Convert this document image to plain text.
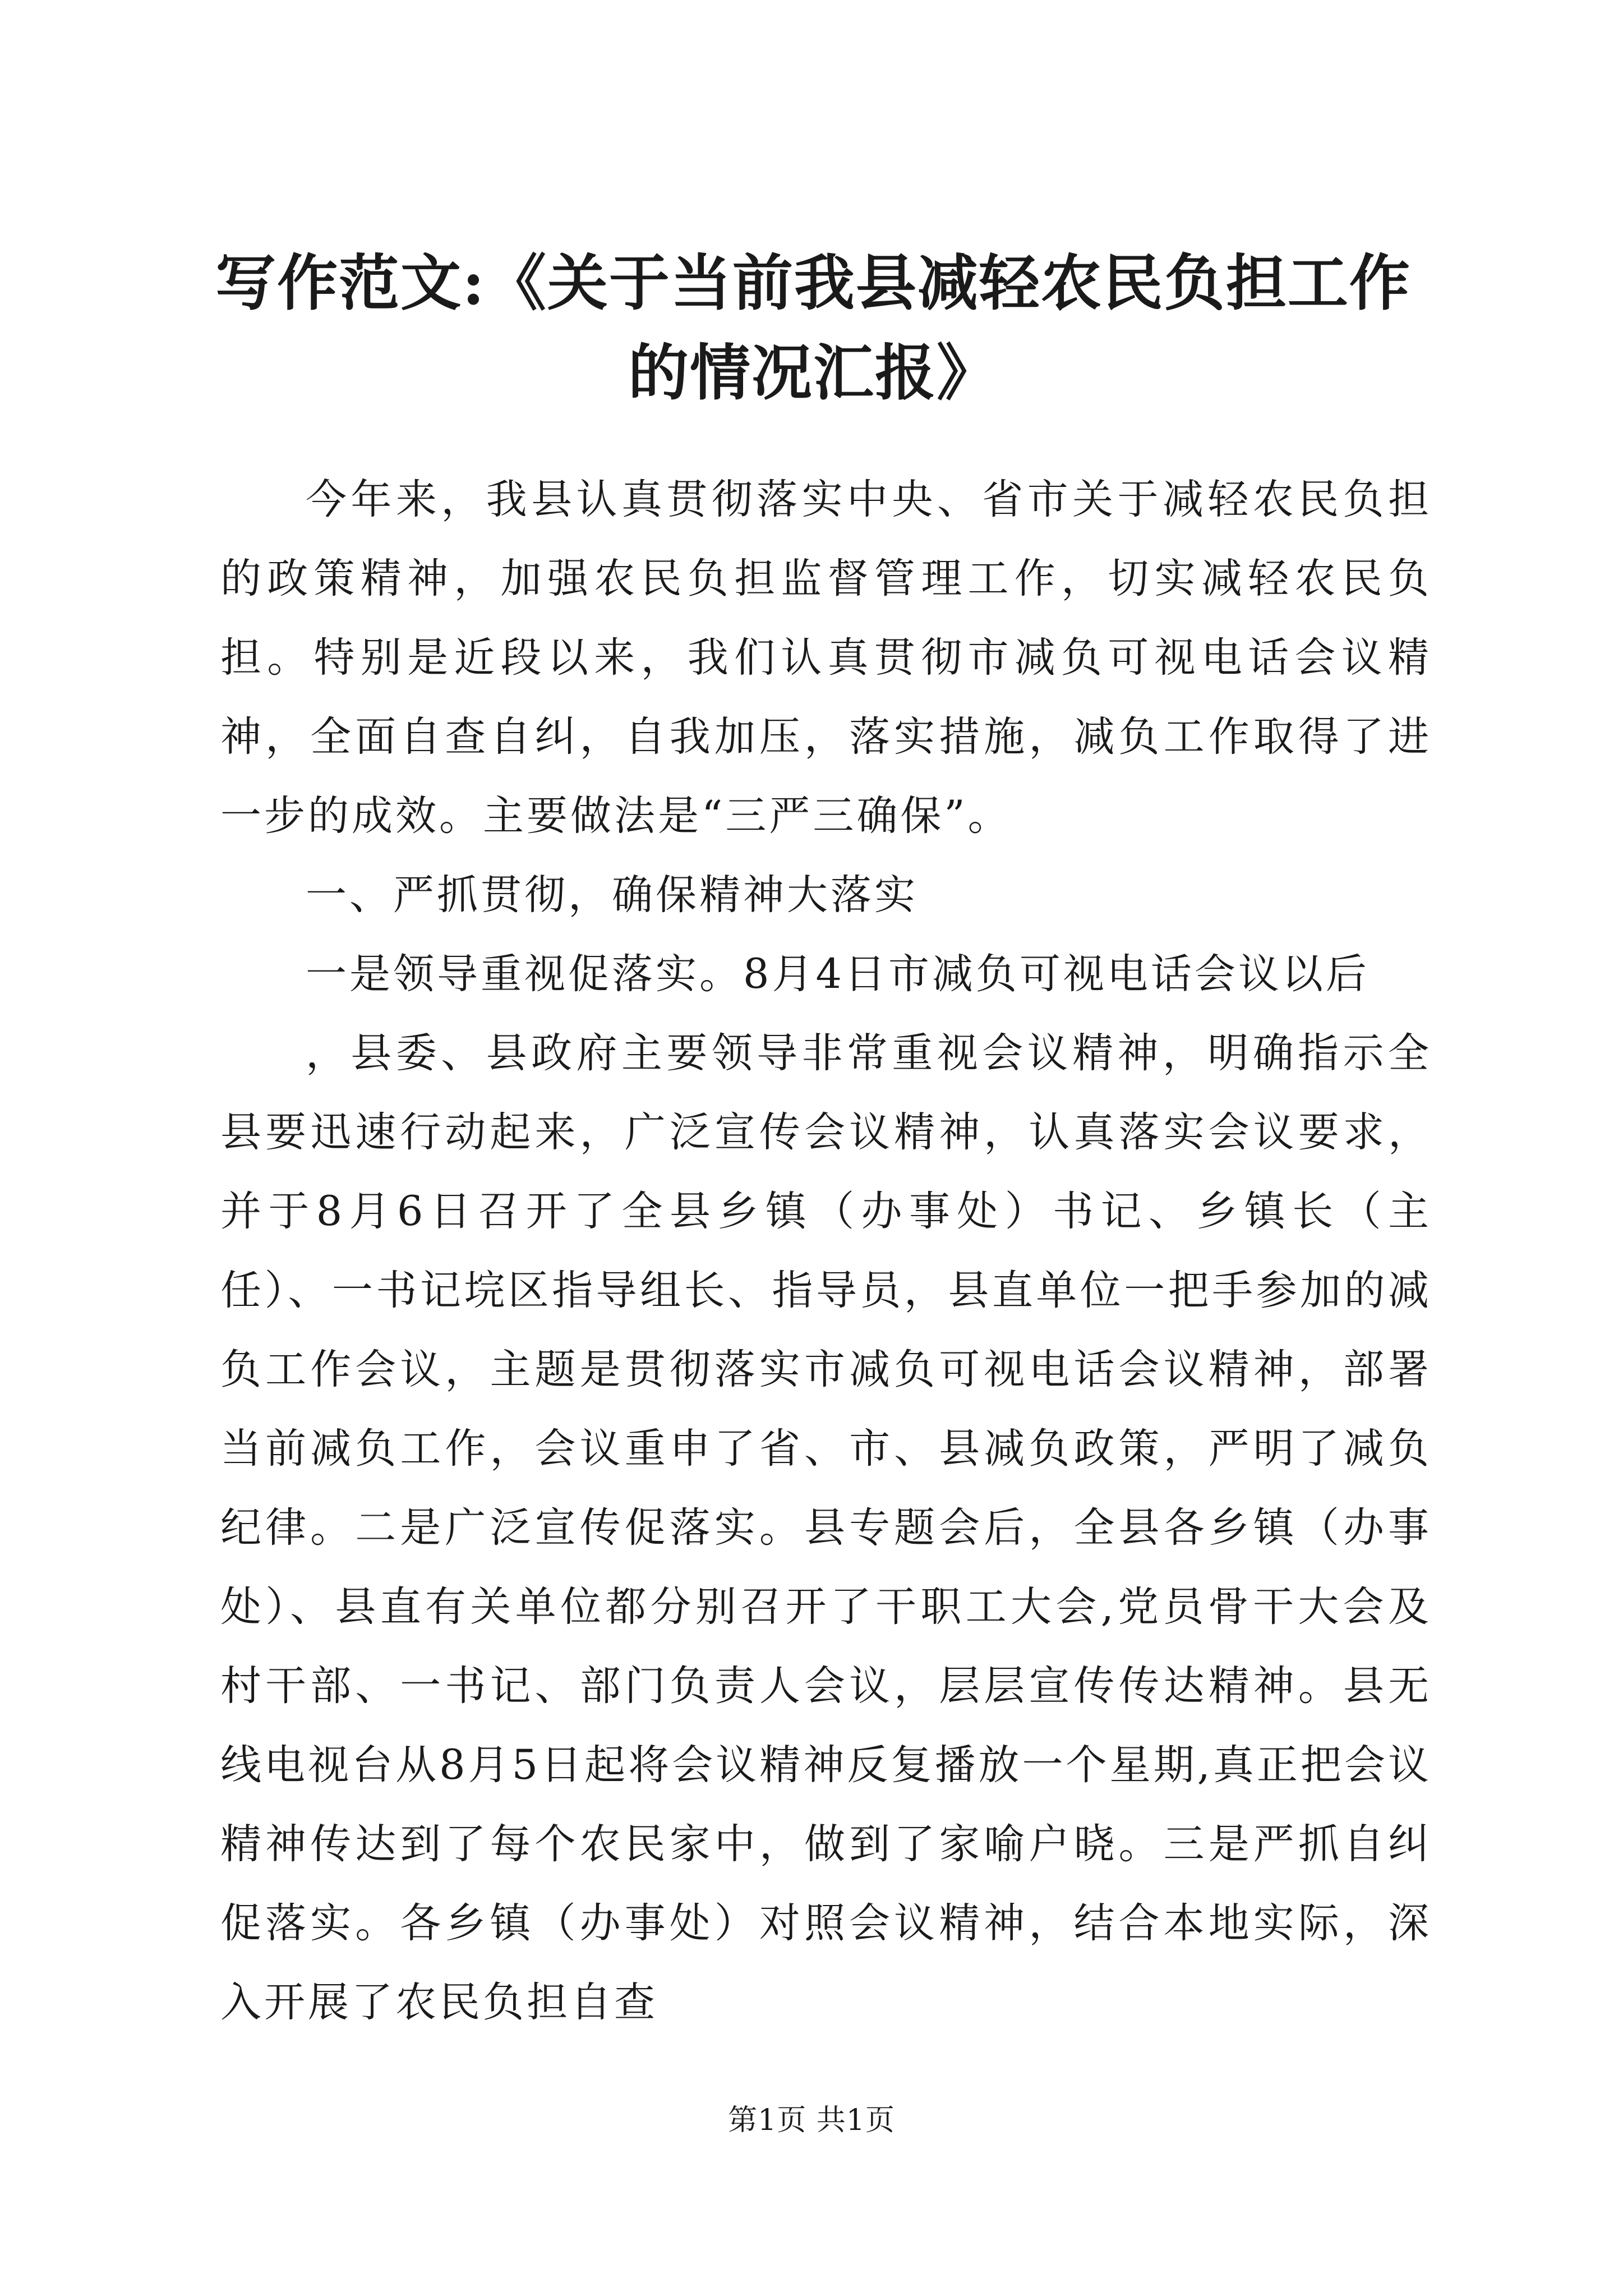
写作范文:《关于当前我县减轻农民负担工作
的情况汇报》

今年来，我县认真贯彻落实中央、省市关于减轻农民负担的政策精神，加强农民负担监督管理工作，切实减轻农民负担。特别是近段以来，我们认真贯彻市减负可视电话会议精神，全面自查自纠，自我加压，落实措施，减负工作取得了进一步的成效。主要做法是“三严三确保”。

一、严抓贯彻，确保精神大落实

一是领导重视促落实。8月4日市减负可视电话会议以后

，县委、县政府主要领导非常重视会议精神，明确指示全县要迅速行动起来，广泛宣传会议精神，认真落实会议要求，并于8月6日召开了全县乡镇（办事处）书记、乡镇长（主任）、一书记垸区指导组长、指导员，县直单位一把手参加的减负工作会议，主题是贯彻落实市减负可视电话会议精神，部署当前减负工作，会议重申了省、市、县减负政策，严明了减负纪律。二是广泛宣传促落实。县专题会后，全县各乡镇（办事处）、县直有关单位都分别召开了干职工大会,党员骨干大会及村干部、一书记、部门负责人会议，层层宣传传达精神。县无线电视台从8月5日起将会议精神反复播放一个星期,真正把会议精神传达到了每个农民家中，做到了家喻户晓。三是严抓自纠促落实。各乡镇（办事处）对照会议精神，结合本地实际，深入开展了农民负担自查

第1页 共1页
